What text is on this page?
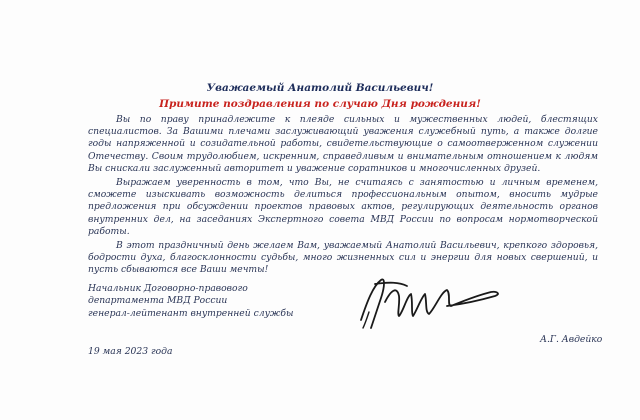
Уважаемый Анатолий Васильевич!
Примите поздравления по случаю Дня рождения!

Вы по праву принадлежите к плеяде сильных и мужественных людей, блестящих специалистов. За Вашими плечами заслуживающий уважения служебный путь, а также долгие годы напряженной и созидательной работы, свидетельствующие о самоотверженном служении Отечеству. Своим трудолюбием, искренним, справедливым и внимательным отношением к людям Вы снискали заслуженный авторитет и уважение соратников и многочисленных друзей.

Выражаем уверенность в том, что Вы, не считаясь с занятостью и личным временем, сможете изыскивать возможность делиться профессиональным опытом, вносить мудрые предложения при обсуждении проектов правовых актов, регулирующих деятельность органов внутренних дел, на заседаниях Экспертного совета МВД России по вопросам нормотворческой работы.

В этот праздничный день желаем Вам, уважаемый Анатолий Васильевич, крепкого здоровья, бодрости духа, благосклонности судьбы, много жизненных сил и энергии для новых свершений, и пусть сбываются все Ваши мечты!

Начальник Договорно-правового
департамента МВД России
генерал-лейтенант внутренней службы
А.Г. Авдейко
19 мая 2023 года
